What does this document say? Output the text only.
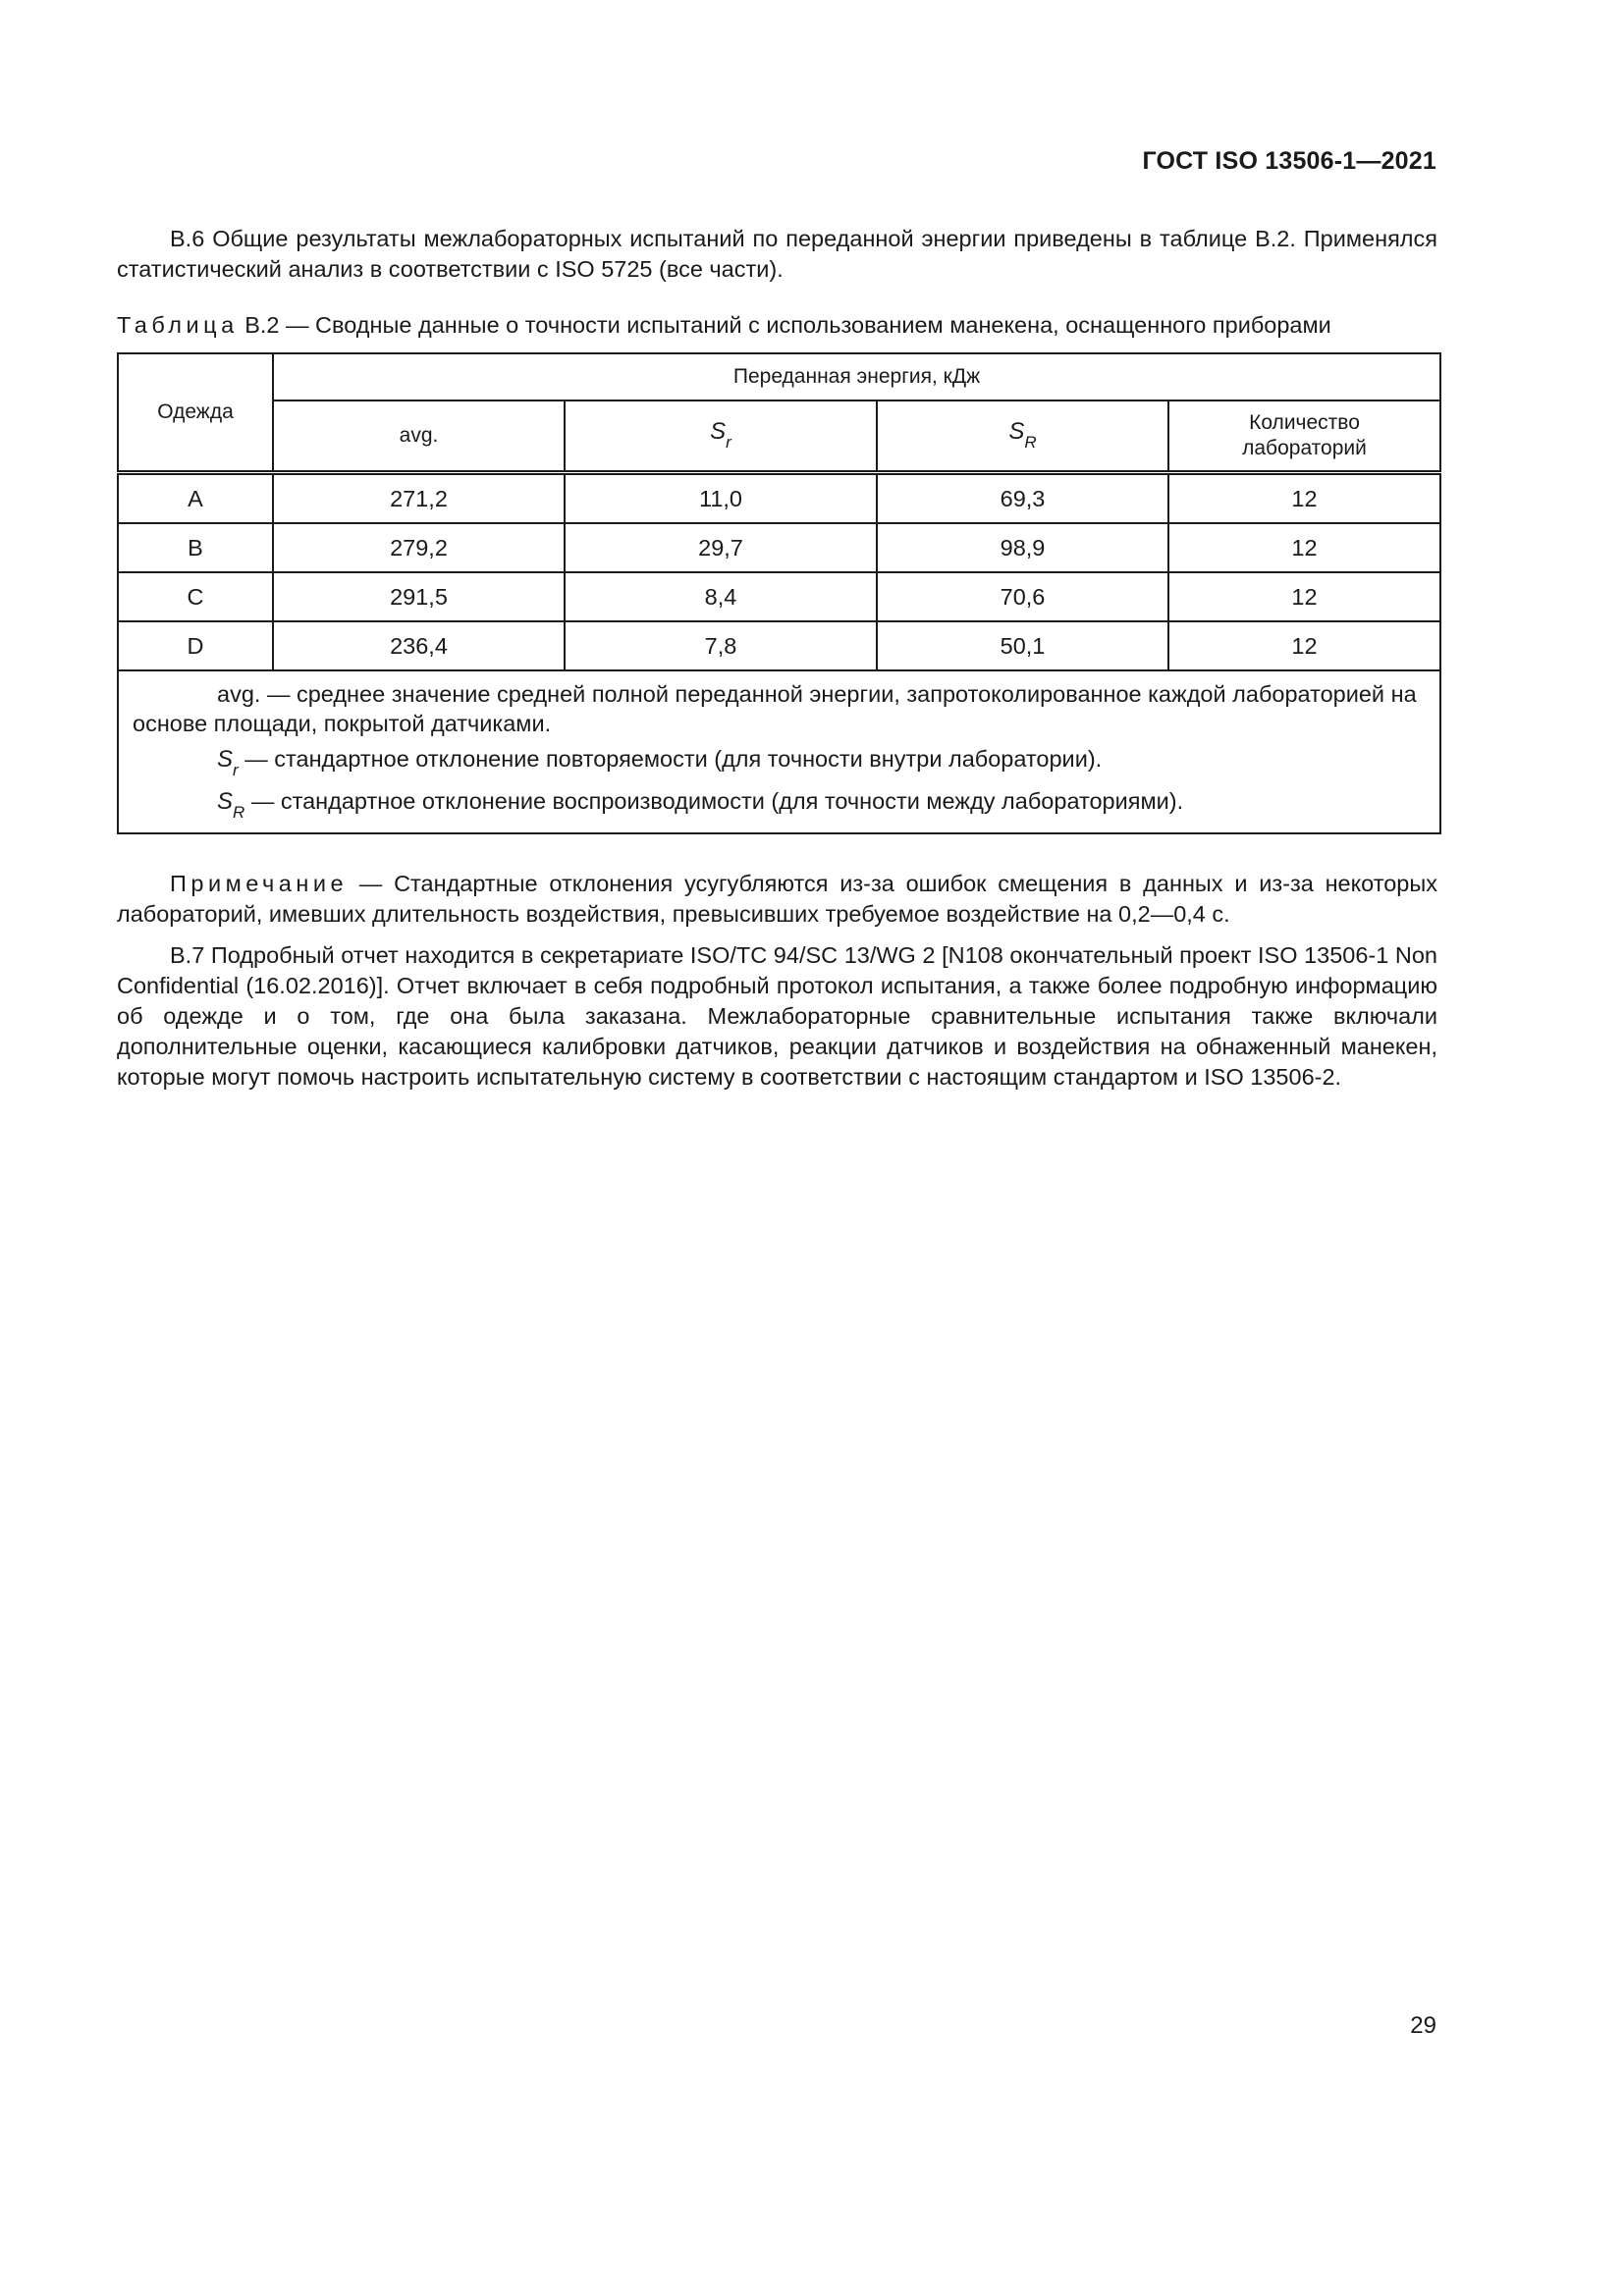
ГОСТ ISO 13506-1—2021

B.6 Общие результаты межлабораторных испытаний по переданной энергии приведены в таблице B.2. Применялся статистический анализ в соответствии с ISO 5725 (все части).

Таблица B.2 — Сводные данные о точности испытаний с использованием манекена, оснащенного приборами
Одежда	Переданная энергия, кДж			
	avg.	$S_r$	$S_R$	Количество лабораторий
A	271,2	11,0	69,3	12
B	279,2	29,7	98,9	12
C	291,5	8,4	70,6	12
D	236,4	7,8	50,1	12

avg. — среднее значение средней полной переданной энергии, запротоколированное каждой лабораторией на основе площади, покрытой датчиками.

$S_r$ — стандартное отклонение повторяемости (для точности внутри лаборатории).

$S_R$ — стандартное отклонение воспроизводимости (для точности между лабораториями).				

Примечание — Стандартные отклонения усугубляются из-за ошибок смещения в данных и из-за некоторых лабораторий, имевших длительность воздействия, превысивших требуемое воздействие на 0,2—0,4 с.

B.7 Подробный отчет находится в секретариате ISO/TC 94/SC 13/WG 2 [N108 окончательный проект ISO 13506-1 Non Confidential (16.02.2016)]. Отчет включает в себя подробный протокол испытания, а также более подробную информацию об одежде и о том, где она была заказана. Межлабораторные сравнительные испытания также включали дополнительные оценки, касающиеся калибровки датчиков, реакции датчиков и воздействия на обнаженный манекен, которые могут помочь настроить испытательную систему в соответствии с настоящим стандартом и ISO 13506-2.

29
